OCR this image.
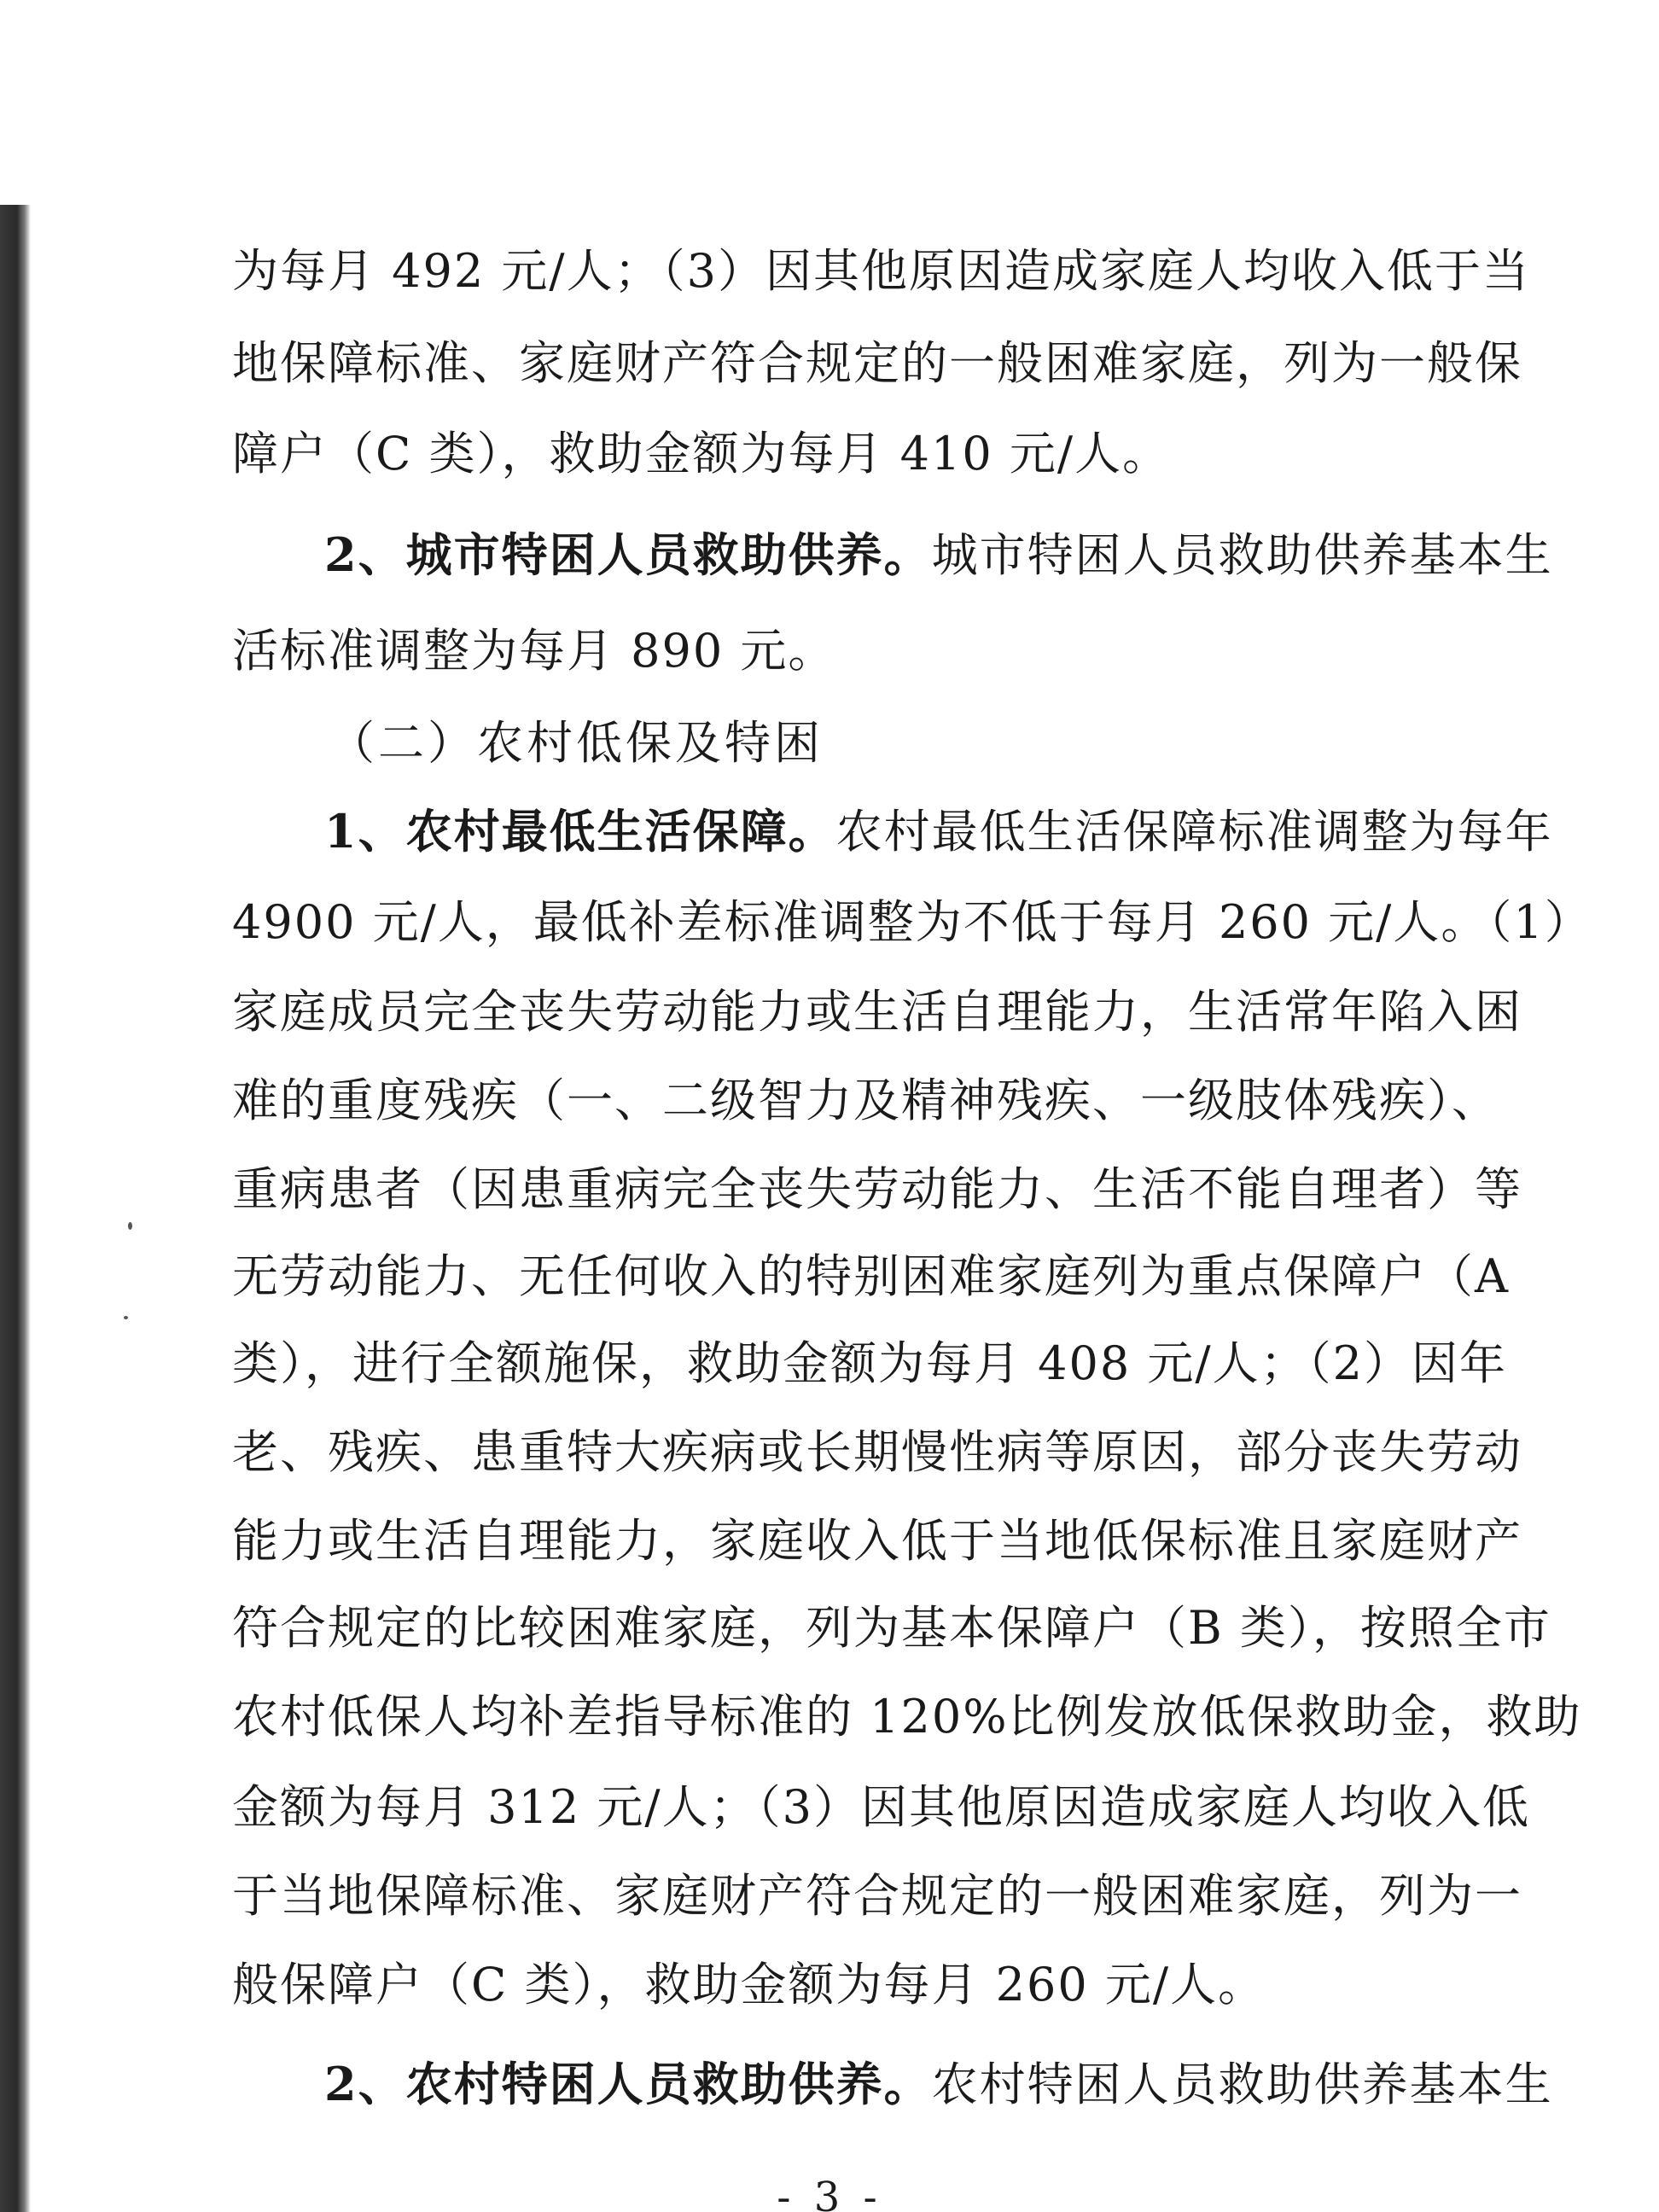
为每月 492 元/人；（3）因其他原因造成家庭人均收入低于当
地保障标准、家庭财产符合规定的一般困难家庭，列为一般保
障户（C 类），救助金额为每月 410 元/人。
2、城市特困人员救助供养。城市特困人员救助供养基本生
活标准调整为每月 890 元。
（二）农村低保及特困
1、农村最低生活保障。农村最低生活保障标准调整为每年
4900 元/人，最低补差标准调整为不低于每月 260 元/人。（1）
家庭成员完全丧失劳动能力或生活自理能力，生活常年陷入困
难的重度残疾（一、二级智力及精神残疾、一级肢体残疾）、
重病患者（因患重病完全丧失劳动能力、生活不能自理者）等
无劳动能力、无任何收入的特别困难家庭列为重点保障户（A
类），进行全额施保，救助金额为每月 408 元/人；（2）因年
老、残疾、患重特大疾病或长期慢性病等原因，部分丧失劳动
能力或生活自理能力，家庭收入低于当地低保标准且家庭财产
符合规定的比较困难家庭，列为基本保障户（B 类），按照全市
农村低保人均补差指导标准的 120%比例发放低保救助金，救助
金额为每月 312 元/人；（3）因其他原因造成家庭人均收入低
于当地保障标准、家庭财产符合规定的一般困难家庭，列为一
般保障户（C 类），救助金额为每月 260 元/人。
2、农村特困人员救助供养。农村特困人员救助供养基本生
- 3 -
